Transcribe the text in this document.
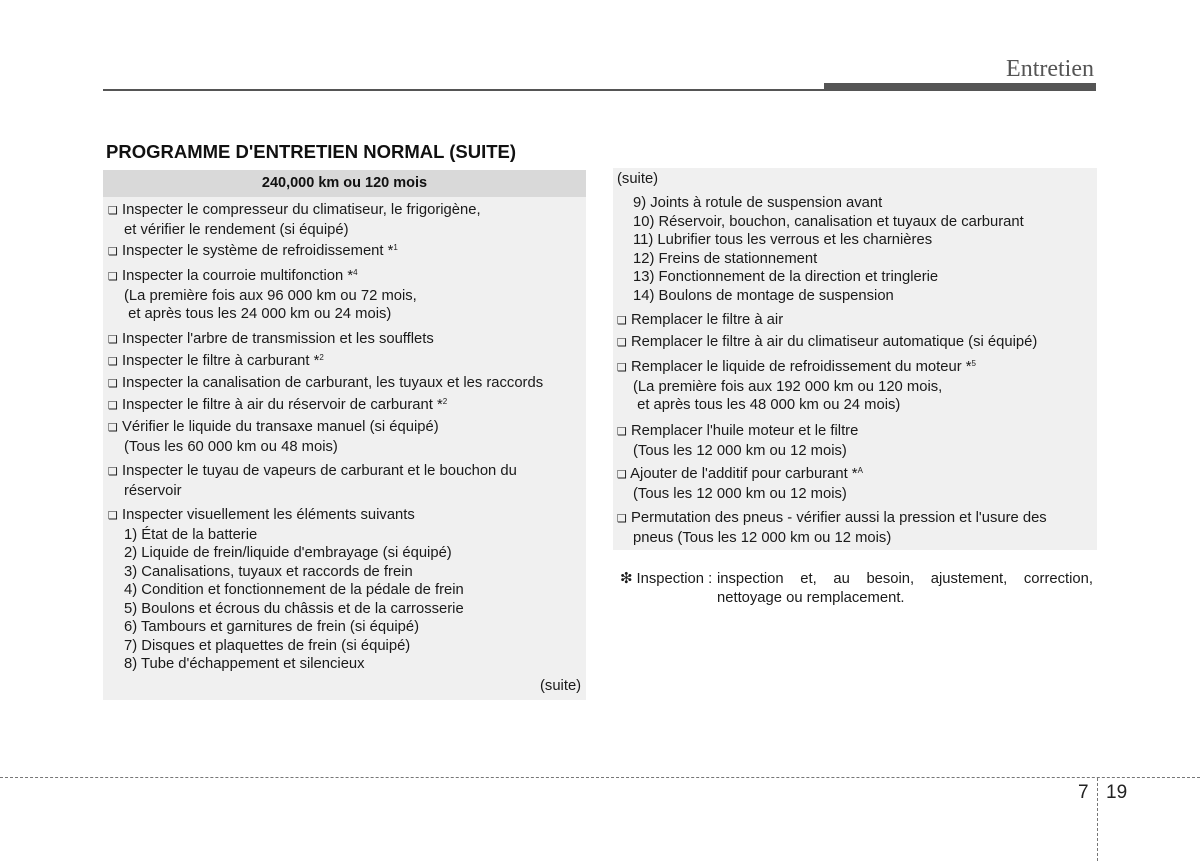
Entretien
PROGRAMME D'ENTRETIEN NORMAL (SUITE)
240,000 km ou 120 mois
❑ Inspecter le compresseur du climatiseur, le frigorigène,
et vérifier le rendement (si équipé)
❑ Inspecter le système de refroidissement *$^1$
❑ Inspecter la courroie multifonction *$^4$
(La première fois aux 96 000 km ou 72 mois,
et après tous les 24 000 km ou 24 mois)
❑ Inspecter l'arbre de transmission et les soufflets
❑ Inspecter le filtre à carburant *$^2$
❑ Inspecter la canalisation de carburant, les tuyaux et les raccords
❑ Inspecter le filtre à air du réservoir de carburant *$^2$
❑ Vérifier le liquide du transaxe manuel (si équipé)
(Tous les 60 000 km ou 48 mois)
❑ Inspecter le tuyau de vapeurs de carburant et le bouchon du
réservoir
❑ Inspecter visuellement les éléments suivants
1) État de la batterie
2) Liquide de frein/liquide d'embrayage (si équipé)
3) Canalisations, tuyaux et raccords de frein
4) Condition et fonctionnement de la pédale de frein
5) Boulons et écrous du châssis et de la carrosserie
6) Tambours et garnitures de frein (si équipé)
7) Disques et plaquettes de frein (si équipé)
8) Tube d'échappement et silencieux
(suite)
(suite)
9) Joints à rotule de suspension avant
10) Réservoir, bouchon, canalisation et tuyaux de carburant
11) Lubrifier tous les verrous et les charnières
12) Freins de stationnement
13) Fonctionnement de la direction et tringlerie
14) Boulons de montage de suspension
❑ Remplacer le filtre à air
❑ Remplacer le filtre à air du climatiseur automatique (si équipé)
❑ Remplacer le liquide de refroidissement du moteur *$^5$
(La première fois aux 192 000 km ou 120 mois,
et après tous les 48 000 km ou 24 mois)
❑ Remplacer l'huile moteur et le filtre
(Tous les 12 000 km ou 12 mois)
❑ Ajouter de l'additif pour carburant *$^A$
(Tous les 12 000 km ou 12 mois)
❑ Permutation des pneus - vérifier aussi la pression et l'usure des
pneus (Tous les 12 000 km ou 12 mois)
❇ Inspection : inspection et, au besoin, ajustement, correction, nettoyage ou remplacement.
7 19
